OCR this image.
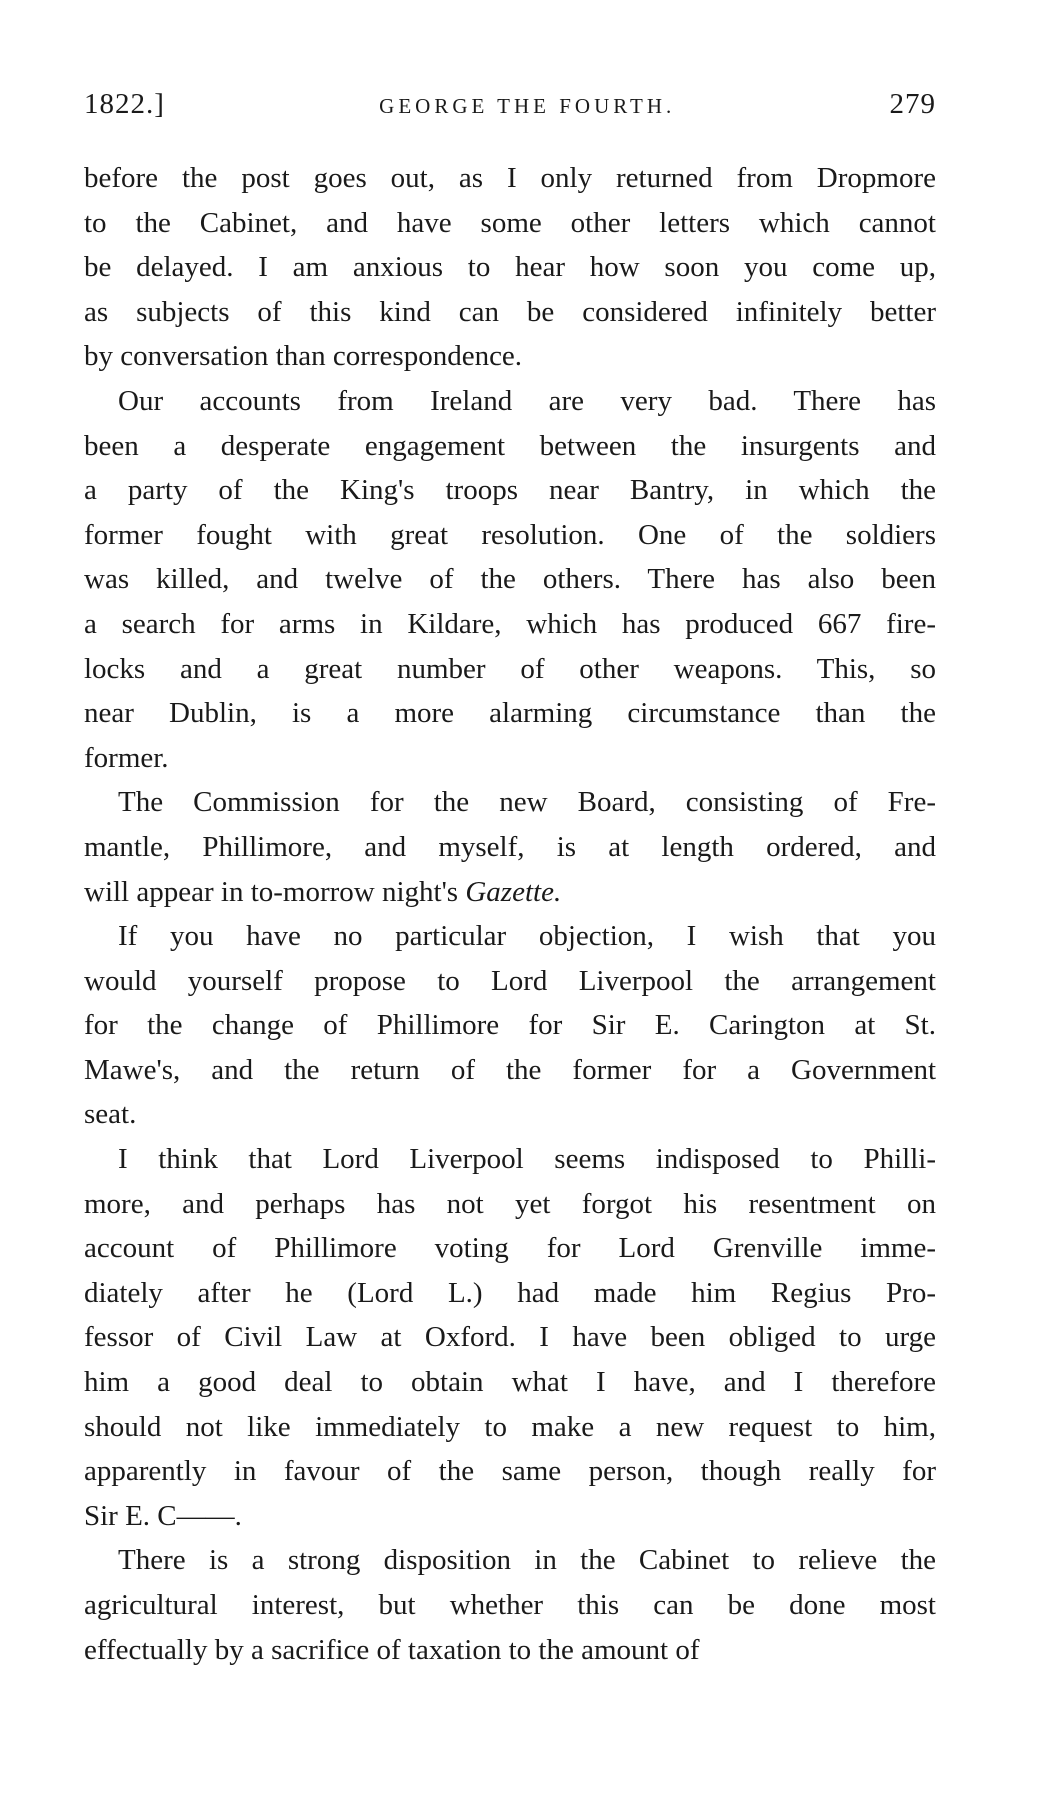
1822.]	GEORGE THE FOURTH.	279

before the post goes out, as I only returned from Dropmore

to the Cabinet, and have some other letters which cannot

be delayed. I am anxious to hear how soon you come up,

as subjects of this kind can be considered infinitely better

by conversation than correspondence.

Our accounts from Ireland are very bad. There has

been a desperate engagement between the insurgents and

a party of the King's troops near Bantry, in which the

former fought with great resolution. One of the soldiers

was killed, and twelve of the others. There has also been

a search for arms in Kildare, which has produced 667 fire-

locks and a great number of other weapons. This, so

near Dublin, is a more alarming circumstance than the

former.

The Commission for the new Board, consisting of Fre-

mantle, Phillimore, and myself, is at length ordered, and

will appear in to-morrow night's Gazette.

If you have no particular objection, I wish that you

would yourself propose to Lord Liverpool the arrangement

for the change of Phillimore for Sir E. Carington at St.

Mawe's, and the return of the former for a Government

seat.

I think that Lord Liverpool seems indisposed to Philli-

more, and perhaps has not yet forgot his resentment on

account of Phillimore voting for Lord Grenville imme-

diately after he (Lord L.) had made him Regius Pro-

fessor of Civil Law at Oxford. I have been obliged to urge

him a good deal to obtain what I have, and I therefore

should not like immediately to make a new request to him,

apparently in favour of the same person, though really for

Sir E. C——.

There is a strong disposition in the Cabinet to relieve the

agricultural interest, but whether this can be done most

effectually by a sacrifice of taxation to the amount of
